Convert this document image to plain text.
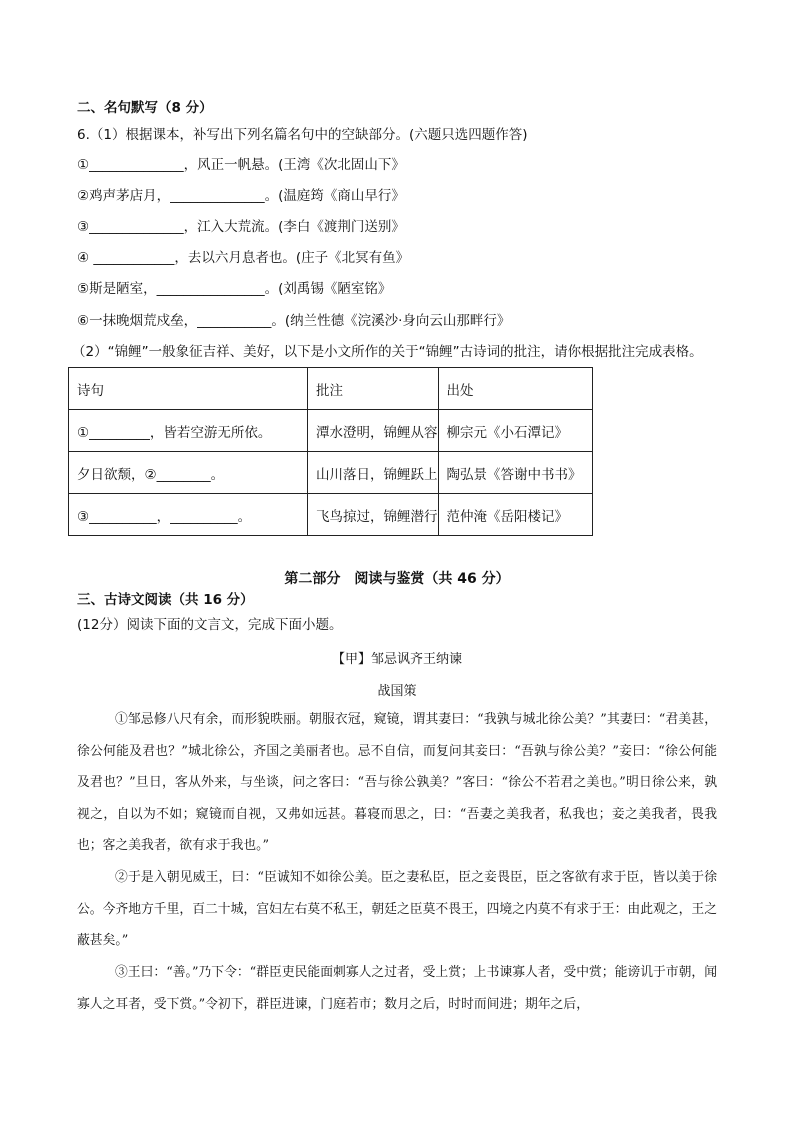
二、名句默写（8 分）
6.（1）根据课本，补写出下列名篇名句中的空缺部分。(六题只选四题作答)
①______________，风正一帆悬。(王湾《次北固山下》
②鸡声茅店月，______________。(温庭筠《商山早行》
③______________，江入大荒流。(李白《渡荆门送别》
④ ____________，去以六月息者也。(庄子《北冥有鱼》
⑤斯是陋室，________________。(刘禹锡《陋室铭》
⑥一抹晚烟荒戍垒，___________。(纳兰性德《浣溪沙·身向云山那畔行》
（2）“锦鲤”一般象征吉祥、美好，以下是小文所作的关于“锦鲤”古诗词的批注，请你根据批注完成表格。
诗句	批注	出处
①_________，皆若空游无所依。	潭水澄明，锦鲤从容	柳宗元《小石潭记》
夕日欲颓，②________。	山川落日，锦鲤跃上	陶弘景《答谢中书书》
③__________，__________。	飞鸟掠过，锦鲤潜行	范仲淹《岳阳楼记》
第二部分　阅读与鉴赏（共 46 分）
三、古诗文阅读（共 16 分）
(12分）阅读下面的文言文，完成下面小题。
【甲】邹忌讽齐王纳谏
战国策
①邹忌修八尺有余，而形貌昳丽。朝服衣冠，窥镜，谓其妻曰：“我孰与城北徐公美？”其妻曰：“君美甚，徐公何能及君也？”城北徐公，齐国之美丽者也。忌不自信，而复问其妾曰：“吾孰与徐公美？”妾曰：“徐公何能及君也？”旦日，客从外来，与坐谈，问之客曰：“吾与徐公孰美？”客曰：“徐公不若君之美也。”明日徐公来，孰视之，自以为不如；窥镜而自视，又弗如远甚。暮寝而思之，曰：“吾妻之美我者，私我也；妾之美我者，畏我也；客之美我者，欲有求于我也。”
②于是入朝见威王，曰：“臣诚知不如徐公美。臣之妻私臣，臣之妾畏臣，臣之客欲有求于臣，皆以美于徐公。今齐地方千里，百二十城，宫妇左右莫不私王，朝廷之臣莫不畏王，四境之内莫不有求于王：由此观之，王之蔽甚矣。”
③王曰：“善。”乃下令：“群臣吏民能面刺寡人之过者，受上赏；上书谏寡人者，受中赏；能谤讥于市朝，闻寡人之耳者，受下赏。”令初下，群臣进谏，门庭若市；数月之后，时时而间进；期年之后，
